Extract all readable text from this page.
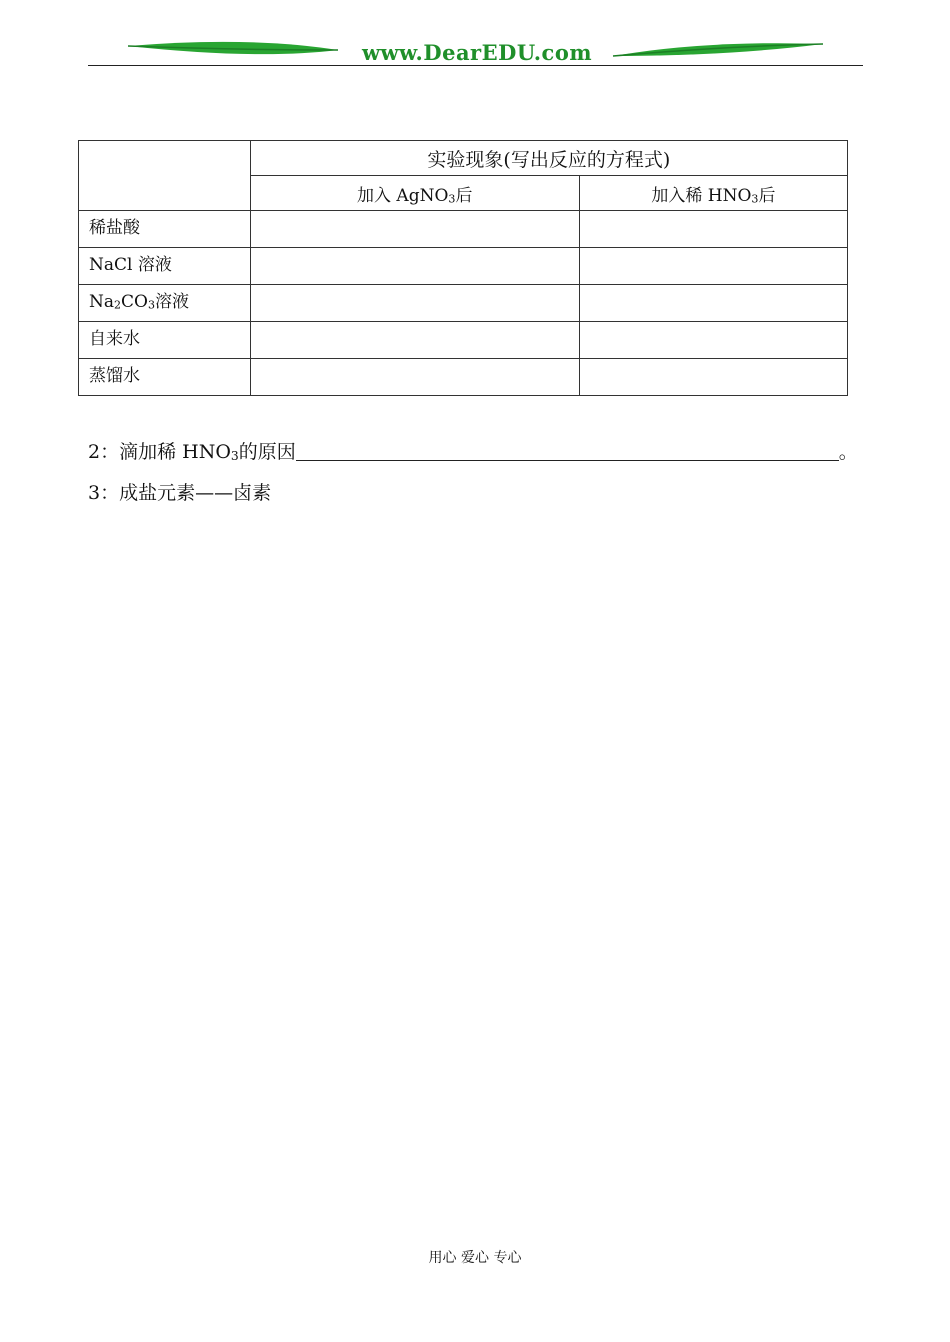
www.DearEDU.com
	实验现象(写出反应的方程式)	
	加入 AgNO$_3$后	加入稀 $HNO_3$后
稀盐酸		
NaCl 溶液		
$Na_2CO_3$溶液		
自来水		
蒸馏水		
2：滴加稀 $HNO_3$的原因	。
3：成盐元素——卤素
用心 爱心 专心
